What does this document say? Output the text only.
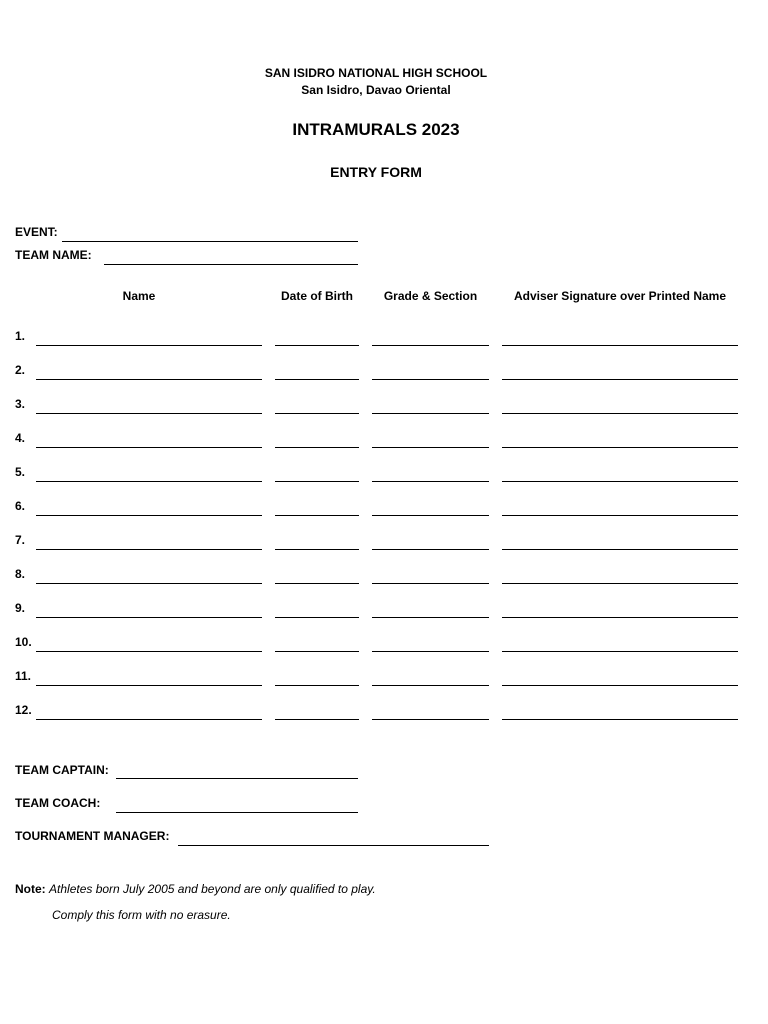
SAN ISIDRO NATIONAL HIGH SCHOOL
San Isidro, Davao Oriental
INTRAMURALS 2023
ENTRY FORM
EVENT:
TEAM NAME:
Name	Date of Birth	Grade & Section	Adviser Signature over Printed Name
1.
2.
3.
4.
5.
6.
7.
8.
9.
10.
11.
12.
TEAM CAPTAIN:
TEAM COACH:
TOURNAMENT MANAGER:
Note: Athletes born July 2005 and beyond are only qualified to play.
Comply this form with no erasure.
